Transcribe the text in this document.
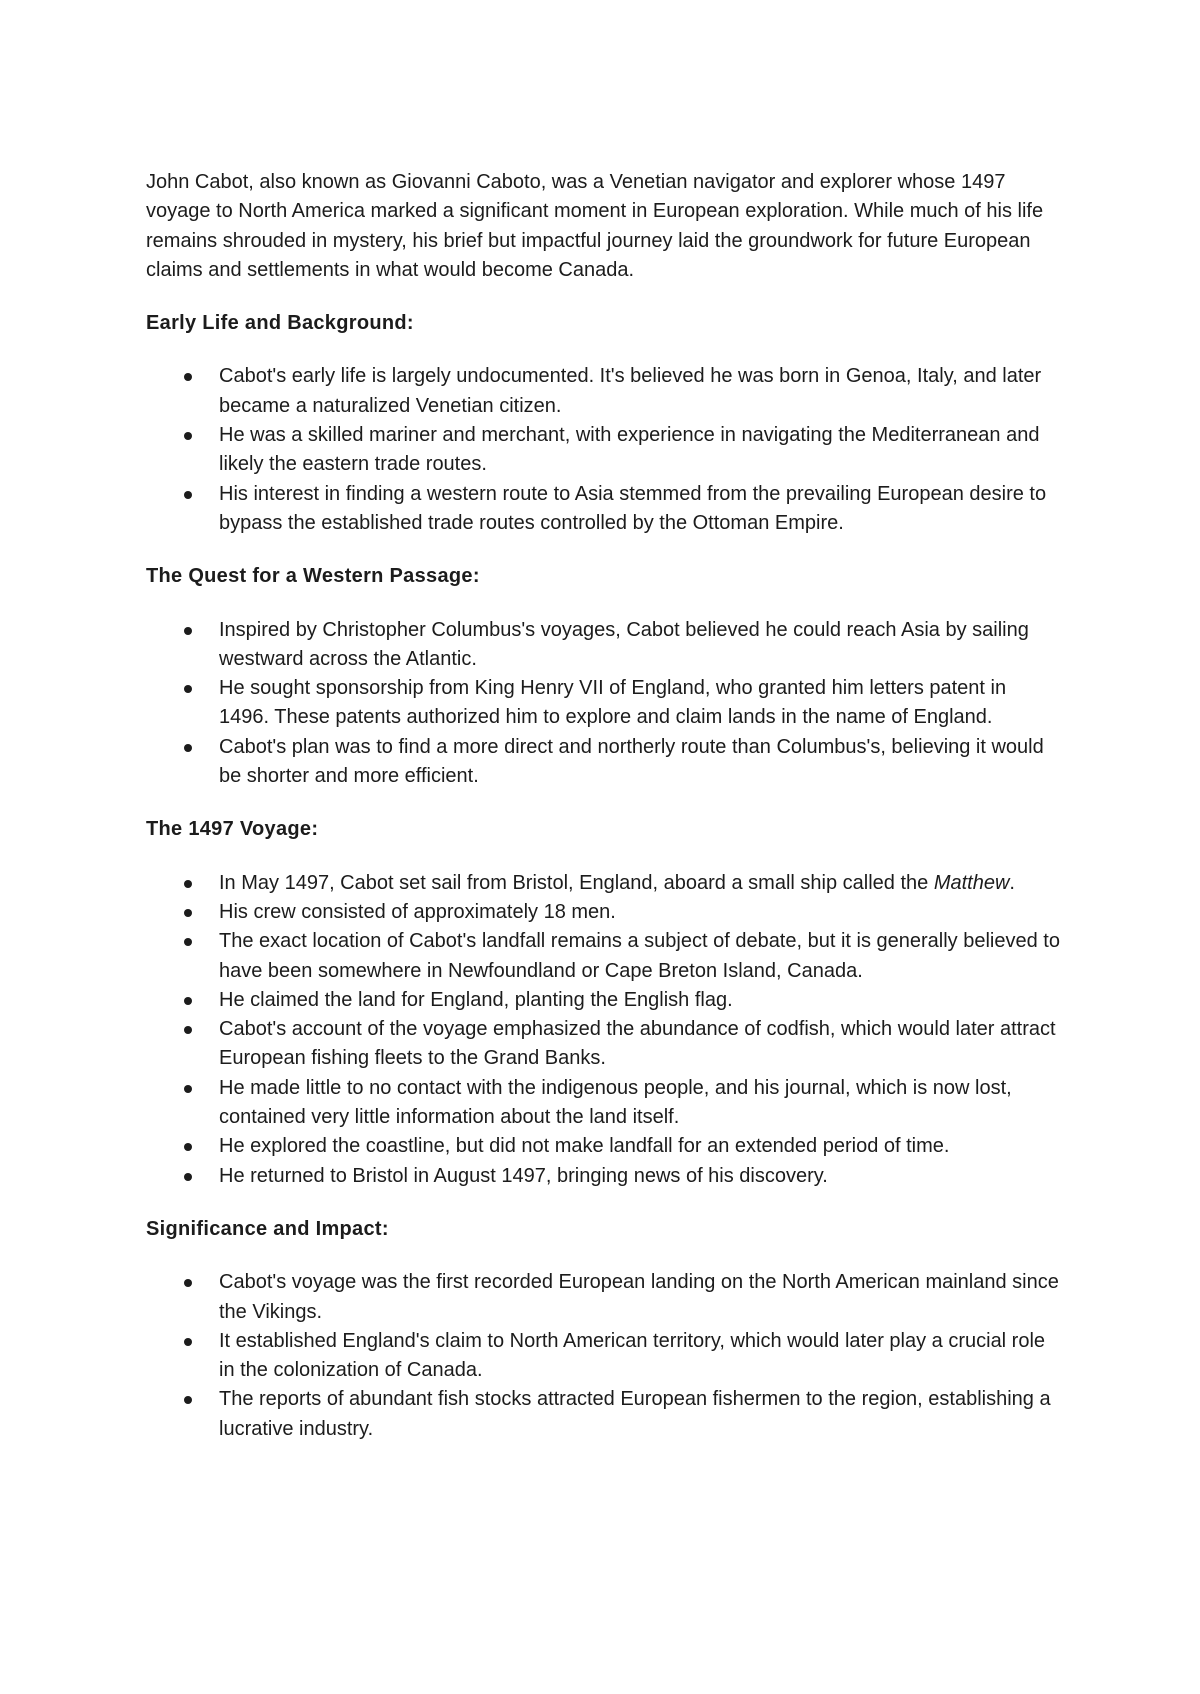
John Cabot, also known as Giovanni Caboto, was a Venetian navigator and explorer whose 1497 voyage to North America marked a significant moment in European exploration. While much of his life remains shrouded in mystery, his brief but impactful journey laid the groundwork for future European claims and settlements in what would become Canada.

Early Life and Background:

Cabot's early life is largely undocumented. It's believed he was born in Genoa, Italy, and later became a naturalized Venetian citizen.
He was a skilled mariner and merchant, with experience in navigating the Mediterranean and likely the eastern trade routes.
His interest in finding a western route to Asia stemmed from the prevailing European desire to bypass the established trade routes controlled by the Ottoman Empire.

The Quest for a Western Passage:

Inspired by Christopher Columbus's voyages, Cabot believed he could reach Asia by sailing westward across the Atlantic.
He sought sponsorship from King Henry VII of England, who granted him letters patent in 1496. These patents authorized him to explore and claim lands in the name of England.
Cabot's plan was to find a more direct and northerly route than Columbus's, believing it would be shorter and more efficient.

The 1497 Voyage:

In May 1497, Cabot set sail from Bristol, England, aboard a small ship called the Matthew.
His crew consisted of approximately 18 men.
The exact location of Cabot's landfall remains a subject of debate, but it is generally believed to have been somewhere in Newfoundland or Cape Breton Island, Canada.
He claimed the land for England, planting the English flag.
Cabot's account of the voyage emphasized the abundance of codfish, which would later attract European fishing fleets to the Grand Banks.
He made little to no contact with the indigenous people, and his journal, which is now lost, contained very little information about the land itself.
He explored the coastline, but did not make landfall for an extended period of time.
He returned to Bristol in August 1497, bringing news of his discovery.

Significance and Impact:

Cabot's voyage was the first recorded European landing on the North American mainland since the Vikings.
It established England's claim to North American territory, which would later play a crucial role in the colonization of Canada.
The reports of abundant fish stocks attracted European fishermen to the region, establishing a lucrative industry.
